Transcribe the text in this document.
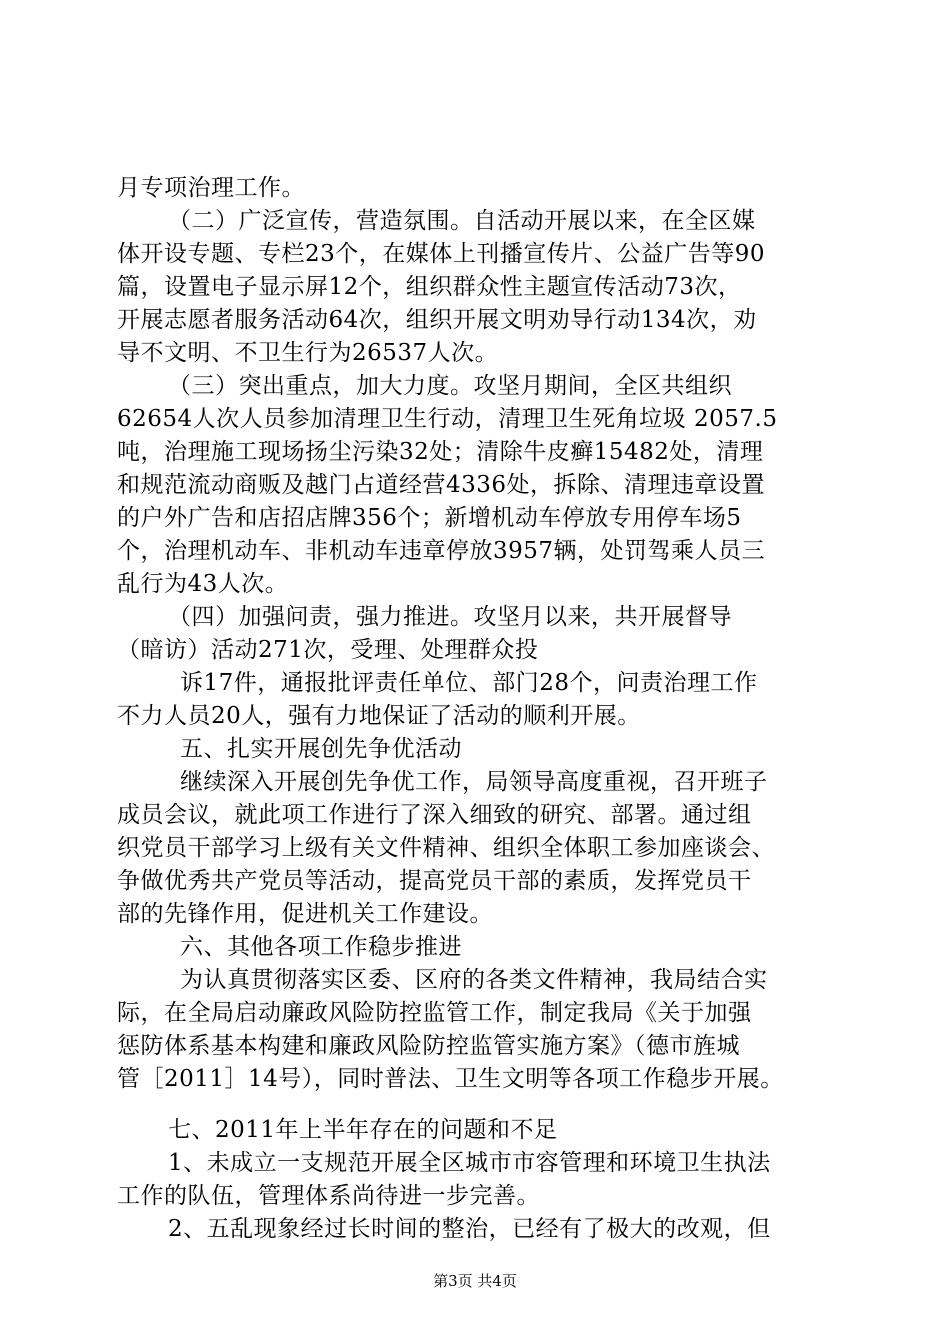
月专项治理工作。
（二）广泛宣传，营造氛围。自活动开展以来，在全区媒
体开设专题、专栏23个，在媒体上刊播宣传片、公益广告等90
篇，设置电子显示屏12个，组织群众性主题宣传活动73次，
开展志愿者服务活动64次，组织开展文明劝导行动134次，劝
导不文明、不卫生行为26537人次。
（三）突出重点，加大力度。攻坚月期间，全区共组织
62654人次人员参加清理卫生行动，清理卫生死角垃圾 2057.5
吨，治理施工现场扬尘污染32处；清除牛皮癣15482处，清理
和规范流动商贩及越门占道经营4336处，拆除、清理违章设置
的户外广告和店招店牌356个；新增机动车停放专用停车场5
个，治理机动车、非机动车违章停放3957辆，处罚驾乘人员三
乱行为43人次。
（四）加强问责，强力推进。攻坚月以来，共开展督导
（暗访）活动271次，受理、处理群众投
诉17件，通报批评责任单位、部门28个，问责治理工作
不力人员20人，强有力地保证了活动的顺利开展。
五、扎实开展创先争优活动
继续深入开展创先争优工作，局领导高度重视，召开班子
成员会议，就此项工作进行了深入细致的研究、部署。通过组
织党员干部学习上级有关文件精神、组织全体职工参加座谈会、
争做优秀共产党员等活动，提高党员干部的素质，发挥党员干
部的先锋作用，促进机关工作建设。
六、其他各项工作稳步推进
为认真贯彻落实区委、区府的各类文件精神，我局结合实
际，在全局启动廉政风险防控监管工作，制定我局《关于加强
惩防体系基本构建和廉政风险防控监管实施方案》（德市旌城
管［2011］14号），同时普法、卫生文明等各项工作稳步开展。
七、2011年上半年存在的问题和不足
1、未成立一支规范开展全区城市市容管理和环境卫生执法
工作的队伍，管理体系尚待进一步完善。
2、五乱现象经过长时间的整治，已经有了极大的改观，但
第3页 共4页
